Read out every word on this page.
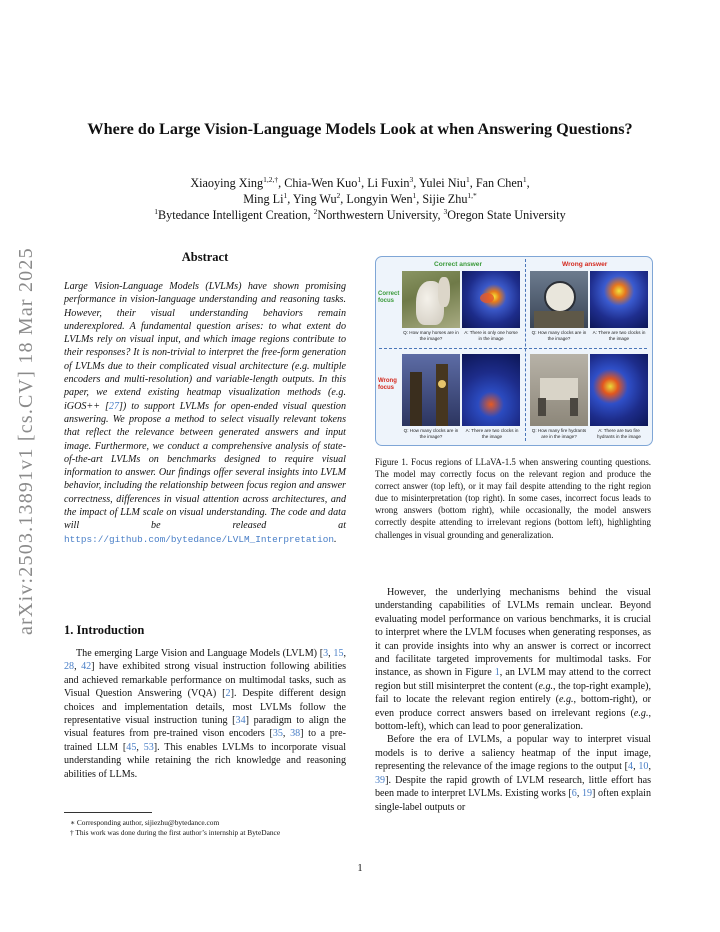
arXiv:2503.13891v1 [cs.CV] 18 Mar 2025
Where do Large Vision-Language Models Look at when Answering Questions?
Xiaoying Xing$^{1,2,\dagger}$, Chia-Wen Kuo$^1$, Li Fuxin$^3$, Yulei Niu$^1$, Fan Chen$^1$,
Ming Li$^1$, Ying Wu$^2$, Longyin Wen$^1$, Sijie Zhu$^{1,*}$
$^1$Bytedance Intelligent Creation, $^2$Northwestern University, $^3$Oregon State University
Abstract
Large Vision-Language Models (LVLMs) have shown promising performance in vision-language understanding and reasoning tasks. However, their visual understanding behaviors remain underexplored. A fundamental question arises: to what extent do LVLMs rely on visual input, and which image regions contribute to their responses? It is non-trivial to interpret the free-form generation of LVLMs due to their complicated visual architecture (e.g. multiple encoders and multi-resolution) and variable-length outputs. In this paper, we extend existing heatmap visualization methods (e.g. iGOS++ [27]) to support LVLMs for open-ended visual question answering. We propose a method to select visually relevant tokens that reflect the relevance between generated answers and input image. Furthermore, we conduct a comprehensive analysis of state-of-the-art LVLMs on benchmarks designed to require visual information to answer. Our findings offer several insights into LVLM behavior, including the relationship between focus region and answer correctness, differences in visual attention across architectures, and the impact of LLM scale on visual understanding. The code and data will be released at https://github.com/bytedance/LVLM_Interpretation.
1. Introduction
The emerging Large Vision and Language Models (LVLM) [3, 15, 28, 42] have exhibited strong visual instruction following abilities and achieved remarkable performance on multimodal tasks, such as Visual Question Answering (VQA) [2]. Despite different design choices and implementation details, most LVLMs follow the representative visual instruction tuning [34] paradigm to align the visual features from pre-trained vison encoders [35, 38] to a pre-trained LLM [45, 53]. This enables LVLMs to incorporate visual understanding while retaining the rich knowledge and reasoning abilities of LLMs.
∗ Corresponding author, sijiezhu@bytedance.com
† This work was done during the first author’s internship at ByteDance
Correct answer	Wrong answer
Correct focus
Wrong focus
Q: How many horses are in the image?
A: There is only one horse in the image
Q: How many clocks are in the image?
A: There are two clocks in the image
Q: How many clocks are in the image?
A: There are two clocks in the image
Q: How many fire hydrants are in the image?
A: There are two fire hydrants in the image
Figure 1. Focus regions of LLaVA-1.5 when answering counting questions. The model may correctly focus on the relevant region and produce the correct answer (top left), or it may fail despite attending to the right region due to misinterpretation (top right). In some cases, incorrect focus leads to wrong answers (bottom right), while occasionally, the model answers correctly despite attending to irrelevant regions (bottom left), highlighting challenges in visual grounding and generalization.

However, the underlying mechanisms behind the visual understanding capabilities of LVLMs remain unclear. Beyond evaluating model performance on various benchmarks, it is crucial to interpret where the LVLM focuses when generating responses, as it can provide insights into why an answer is correct or incorrect and facilitate targeted improvements for multimodal tasks. For instance, as shown in Figure 1, an LVLM may attend to the correct region but still misinterpret the content (e.g., the top-right example), fail to locate the relevant region entirely (e.g., bottom-right), or even produce correct answers based on irrelevant regions (e.g., bottom-left), which can lead to poor generalization.

Before the era of LVLMs, a popular way to interpret visual models is to derive a saliency heatmap of the input image, representing the relevance of the image regions to the output [4, 10, 39]. Despite the rapid growth of LVLM research, little effort has been made to interpret LVLMs. Existing works [6, 19] often explain single-label outputs or

1
